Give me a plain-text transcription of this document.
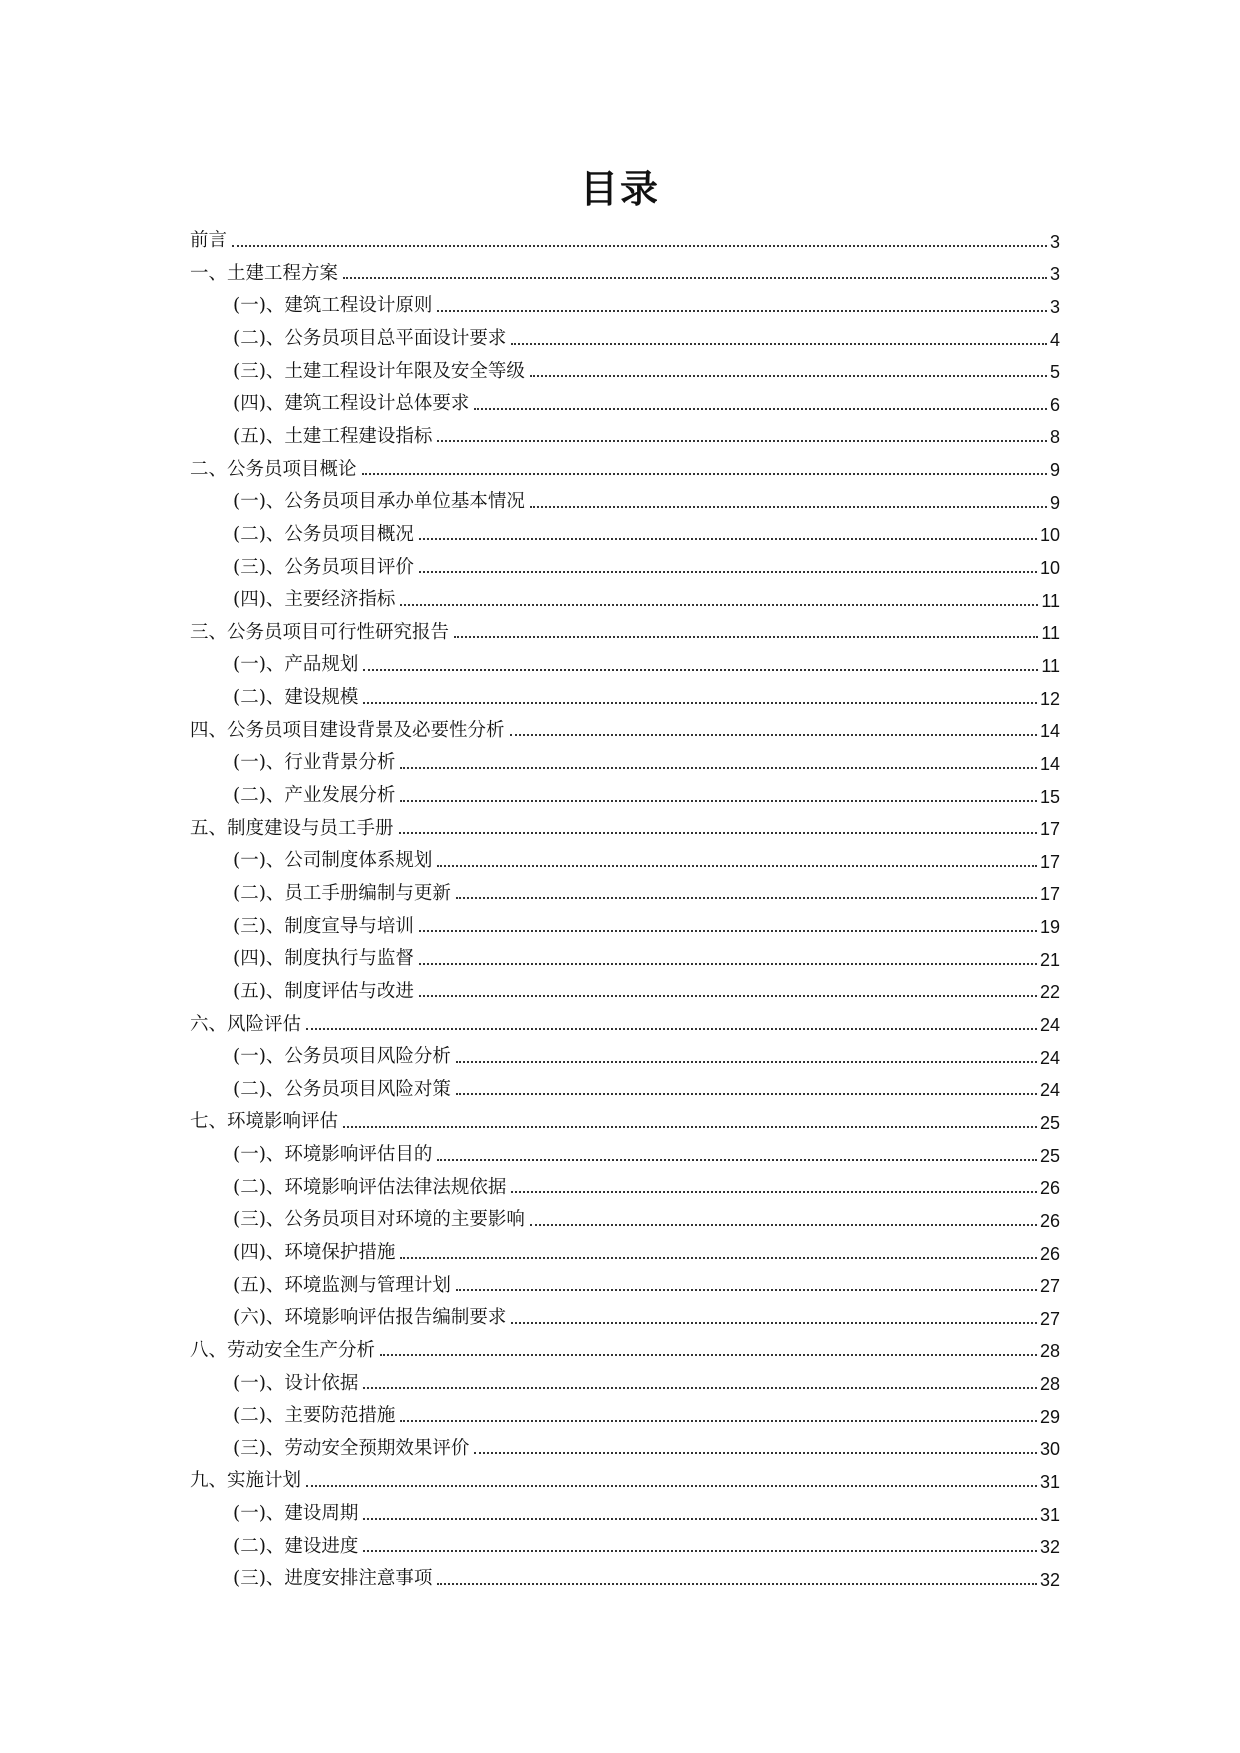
目录
前言	3
一、土建工程方案	3
(一)、建筑工程设计原则	3
(二)、公务员项目总平面设计要求	4
(三)、土建工程设计年限及安全等级	5
(四)、建筑工程设计总体要求	6
(五)、土建工程建设指标	8
二、公务员项目概论	9
(一)、公务员项目承办单位基本情况	9
(二)、公务员项目概况	10
(三)、公务员项目评价	10
(四)、主要经济指标	11
三、公务员项目可行性研究报告	11
(一)、产品规划	11
(二)、建设规模	12
四、公务员项目建设背景及必要性分析	14
(一)、行业背景分析	14
(二)、产业发展分析	15
五、制度建设与员工手册	17
(一)、公司制度体系规划	17
(二)、员工手册编制与更新	17
(三)、制度宣导与培训	19
(四)、制度执行与监督	21
(五)、制度评估与改进	22
六、风险评估	24
(一)、公务员项目风险分析	24
(二)、公务员项目风险对策	24
七、环境影响评估	25
(一)、环境影响评估目的	25
(二)、环境影响评估法律法规依据	26
(三)、公务员项目对环境的主要影响	26
(四)、环境保护措施	26
(五)、环境监测与管理计划	27
(六)、环境影响评估报告编制要求	27
八、劳动安全生产分析	28
(一)、设计依据	28
(二)、主要防范措施	29
(三)、劳动安全预期效果评价	30
九、实施计划	31
(一)、建设周期	31
(二)、建设进度	32
(三)、进度安排注意事项	32
